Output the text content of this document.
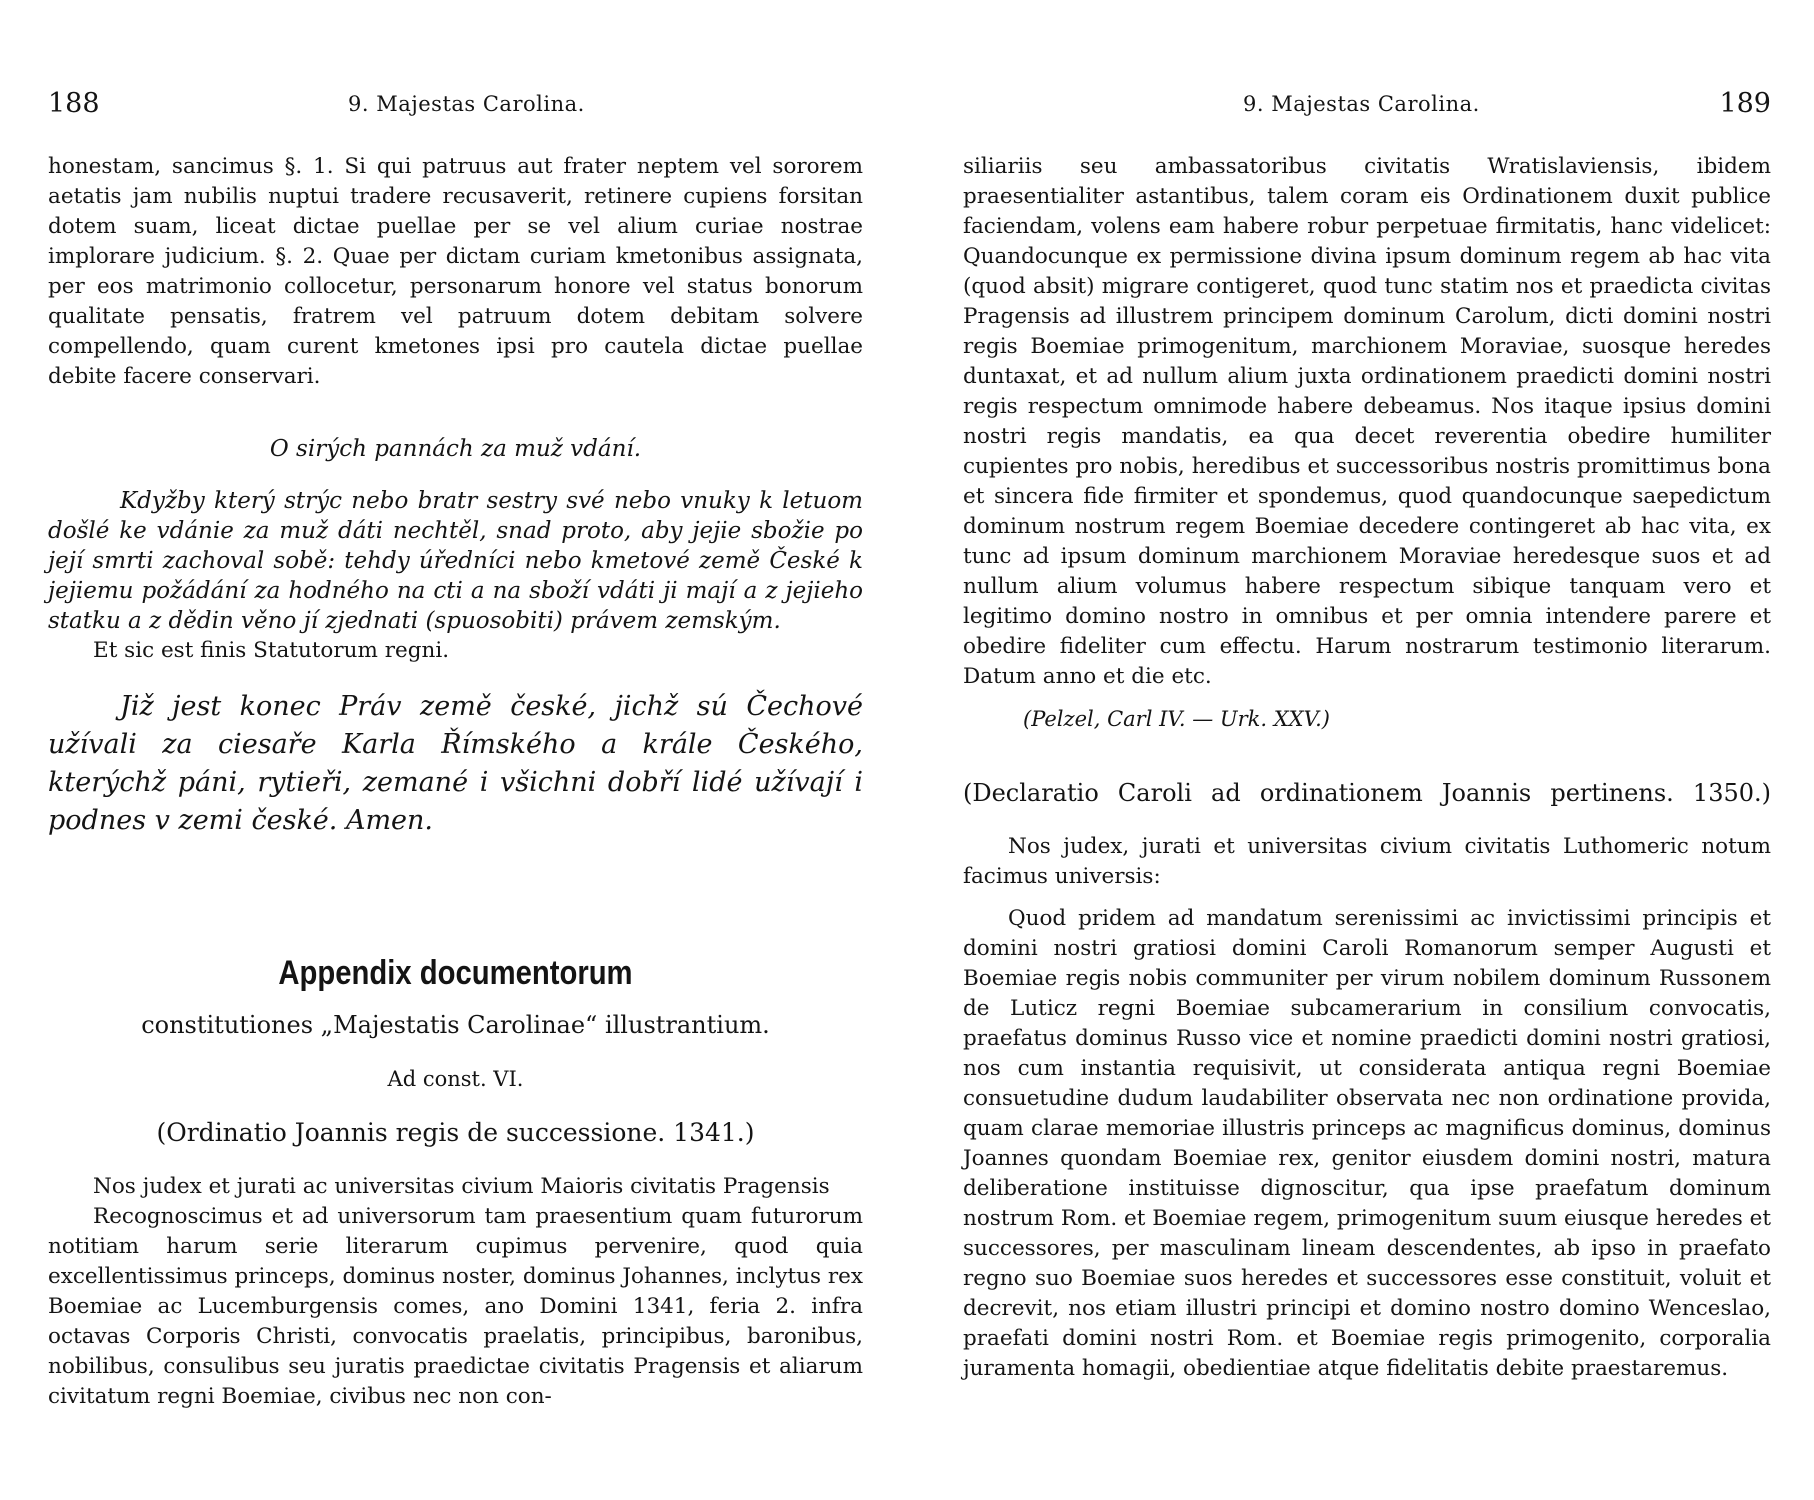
188	9. Majestas Carolina.

honestam, sancimus §. 1. Si qui patruus aut frater neptem vel sororem aetatis jam nubilis nuptui tradere recusaverit, retinere cupiens forsitan dotem suam, liceat dictae puellae per se vel alium curiae nostrae implorare judicium. §. 2. Quae per dictam curiam kmetonibus assignata, per eos matrimonio collocetur, personarum honore vel status bonorum qualitate pensatis, fratrem vel patruum dotem debitam solvere compellendo, quam curent kmetones ipsi pro cautela dictae puellae debite facere conservari.

O sirých pannách za muž vdání.

Kdyžby který strýc nebo bratr sestry své nebo vnuky k letuom došlé ke vdánie za muž dáti nechtěl, snad proto, aby jejie sbožie po její smrti zachoval sobě: tehdy úředníci nebo kmetové země České k jejiemu požádání za hodného na cti a na sboží vdáti ji mají a z jejieho statku a z dědin věno jí zjednati (spuosobiti) právem zemským.

Et sic est finis Statutorum regni.

Již jest konec Práv země české, jichž sú Čechové užívali za ciesaře Karla Římského a krále Českého, kterýchž páni, rytieři, zemané i všichni dobří lidé užívají i podnes v zemi české. Amen.

Appendix documentorum

constitutiones „Majestatis Carolinae“ illustrantium.

Ad const. VI.

(Ordinatio Joannis regis de successione. 1341.)

Nos judex et jurati ac universitas civium Maioris civitatis Pragensis

Recognoscimus et ad universorum tam praesentium quam futurorum notitiam harum serie literarum cupimus pervenire, quod quia excellentissimus princeps, dominus noster, dominus Johannes, inclytus rex Boemiae ac Lucemburgensis comes, ano Domini 1341, feria 2. infra octavas Corporis Christi, convocatis praelatis, principibus, baronibus, nobilibus, consulibus seu juratis praedictae civitatis Pragensis et aliarum civitatum regni Boemiae, civibus nec non con-

9. Majestas Carolina.	189

siliariis seu ambassatoribus civitatis Wratislaviensis, ibidem praesentialiter astantibus, talem coram eis Ordinationem duxit publice faciendam, volens eam habere robur perpetuae firmitatis, hanc videlicet: Quandocunque ex permissione divina ipsum dominum regem ab hac vita (quod absit) migrare contigeret, quod tunc statim nos et praedicta civitas Pragensis ad illustrem principem dominum Carolum, dicti domini nostri regis Boemiae primogenitum, marchionem Moraviae, suosque heredes duntaxat, et ad nullum alium juxta ordinationem praedicti domini nostri regis respectum omnimode habere debeamus. Nos itaque ipsius domini nostri regis mandatis, ea qua decet reverentia obedire humiliter cupientes pro nobis, heredibus et successoribus nostris promittimus bona et sincera fide firmiter et spondemus, quod quandocunque saepedictum dominum nostrum regem Boemiae decedere contingeret ab hac vita, ex tunc ad ipsum dominum marchionem Moraviae heredesque suos et ad nullum alium volumus habere respectum sibique tanquam vero et legitimo domino nostro in omnibus et per omnia intendere parere et obedire fideliter cum effectu. Harum nostrarum testimonio literarum. Datum anno et die etc.

(Pelzel, Carl IV. — Urk. XXV.)

(Declaratio Caroli ad ordinationem Joannis pertinens. 1350.)

Nos judex, jurati et universitas civium civitatis Luthomeric notum facimus universis:

Quod pridem ad mandatum serenissimi ac invictissimi principis et domini nostri gratiosi domini Caroli Romanorum semper Augusti et Boemiae regis nobis communiter per virum nobilem dominum Russonem de Luticz regni Boemiae subcamerarium in consilium convocatis, praefatus dominus Russo vice et nomine praedicti domini nostri gratiosi, nos cum instantia requisivit, ut considerata antiqua regni Boemiae consuetudine dudum laudabiliter observata nec non ordinatione provida, quam clarae memoriae illustris princeps ac magnificus dominus, dominus Joannes quondam Boemiae rex, genitor eiusdem domini nostri, matura deliberatione instituisse dignoscitur, qua ipse praefatum dominum nostrum Rom. et Boemiae regem, primogenitum suum eiusque heredes et successores, per masculinam lineam descendentes, ab ipso in praefato regno suo Boemiae suos heredes et successores esse constituit, voluit et decrevit, nos etiam illustri principi et domino nostro domino Wenceslao, praefati domini nostri Rom. et Boemiae regis primogenito, corporalia juramenta homagii, obedientiae atque fidelitatis debite praestaremus.
